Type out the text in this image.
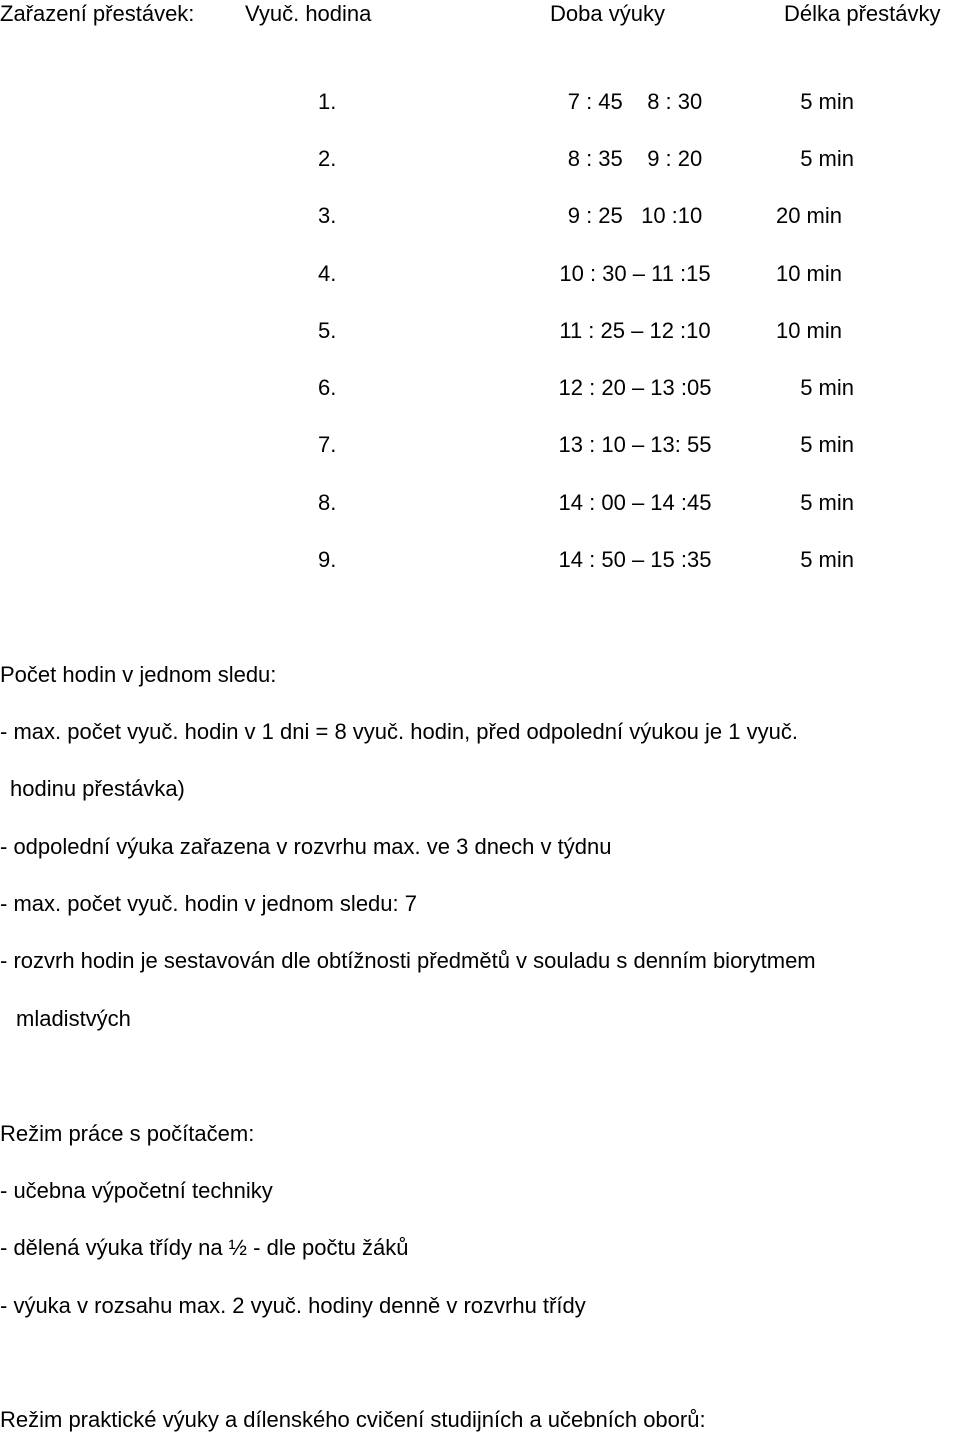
Zařazení přestávek: Vyuč. hodina	Doba výuky	Délka přestávky
1.	7 : 45    8 : 30	5 min
2.	8 : 35    9 : 20	5 min
3.	9 : 25   10 :10	20 min
4.	10 : 30 – 11 :15	10 min
5.	11 : 25 – 12 :10	10 min
6.	12 : 20 – 13 :05	5 min
7.	13 : 10 – 13: 55	5 min
8.	14 : 00 – 14 :45	5 min
9.	14 : 50 – 15 :35	5 min
Počet hodin v jednom sledu:
- max. počet vyuč. hodin v 1 dni = 8 vyuč. hodin, před odpolední výukou je 1 vyuč.
hodinu přestávka)
- odpolední výuka zařazena v rozvrhu max. ve 3 dnech v týdnu
- max. počet vyuč. hodin v jednom sledu: 7
- rozvrh hodin je sestavován dle obtížnosti předmětů v souladu s denním biorytmem
mladistvých
Režim práce s počítačem:
- učebna výpočetní techniky
- dělená výuka třídy na ½ - dle počtu žáků
- výuka v rozsahu max. 2 vyuč. hodiny denně v rozvrhu třídy
Režim praktické výuky a dílenského cvičení studijních a učebních oborů:
